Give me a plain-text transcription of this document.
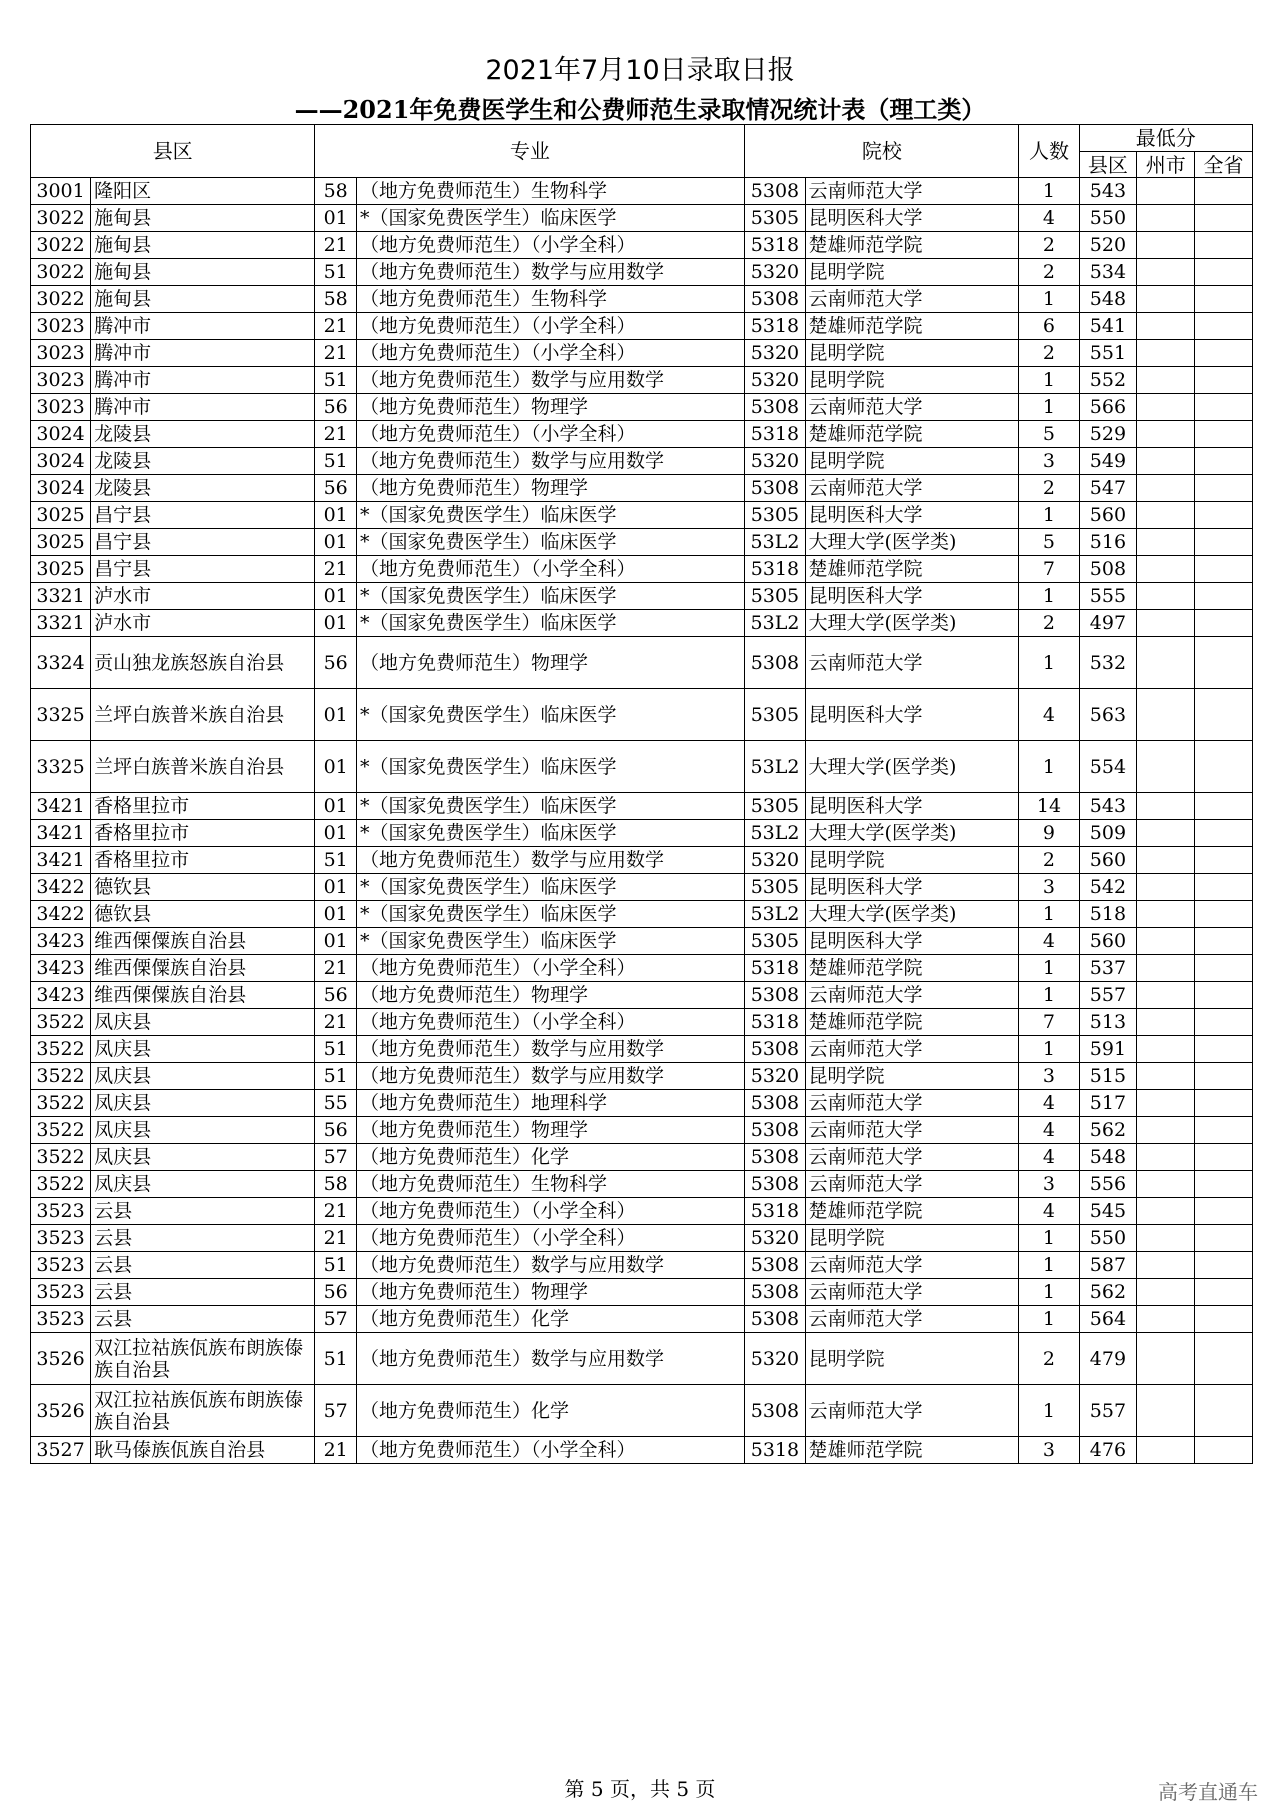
2021年7月10日录取日报
——2021年免费医学生和公费师范生录取情况统计表（理工类）
县区		专业		院校		人数	最低分		
							县区	州市	全省
3001	隆阳区	58	（地方免费师范生）生物科学	5308	云南师范大学	1	543		
3022	施甸县	01	*（国家免费医学生）临床医学	5305	昆明医科大学	4	550		
3022	施甸县	21	（地方免费师范生）（小学全科）	5318	楚雄师范学院	2	520		
3022	施甸县	51	（地方免费师范生）数学与应用数学	5320	昆明学院	2	534		
3022	施甸县	58	（地方免费师范生）生物科学	5308	云南师范大学	1	548		
3023	腾冲市	21	（地方免费师范生）（小学全科）	5318	楚雄师范学院	6	541		
3023	腾冲市	21	（地方免费师范生）（小学全科）	5320	昆明学院	2	551		
3023	腾冲市	51	（地方免费师范生）数学与应用数学	5320	昆明学院	1	552		
3023	腾冲市	56	（地方免费师范生）物理学	5308	云南师范大学	1	566		
3024	龙陵县	21	（地方免费师范生）（小学全科）	5318	楚雄师范学院	5	529		
3024	龙陵县	51	（地方免费师范生）数学与应用数学	5320	昆明学院	3	549		
3024	龙陵县	56	（地方免费师范生）物理学	5308	云南师范大学	2	547		
3025	昌宁县	01	*（国家免费医学生）临床医学	5305	昆明医科大学	1	560		
3025	昌宁县	01	*（国家免费医学生）临床医学	53L2	大理大学(医学类)	5	516		
3025	昌宁县	21	（地方免费师范生）（小学全科）	5318	楚雄师范学院	7	508		
3321	泸水市	01	*（国家免费医学生）临床医学	5305	昆明医科大学	1	555		
3321	泸水市	01	*（国家免费医学生）临床医学	53L2	大理大学(医学类)	2	497		
3324	贡山独龙族怒族自治县	56	（地方免费师范生）物理学	5308	云南师范大学	1	532		
3325	兰坪白族普米族自治县	01	*（国家免费医学生）临床医学	5305	昆明医科大学	4	563		
3325	兰坪白族普米族自治县	01	*（国家免费医学生）临床医学	53L2	大理大学(医学类)	1	554		
3421	香格里拉市	01	*（国家免费医学生）临床医学	5305	昆明医科大学	14	543		
3421	香格里拉市	01	*（国家免费医学生）临床医学	53L2	大理大学(医学类)	9	509		
3421	香格里拉市	51	（地方免费师范生）数学与应用数学	5320	昆明学院	2	560		
3422	德钦县	01	*（国家免费医学生）临床医学	5305	昆明医科大学	3	542		
3422	德钦县	01	*（国家免费医学生）临床医学	53L2	大理大学(医学类)	1	518		
3423	维西傈僳族自治县	01	*（国家免费医学生）临床医学	5305	昆明医科大学	4	560		
3423	维西傈僳族自治县	21	（地方免费师范生）（小学全科）	5318	楚雄师范学院	1	537		
3423	维西傈僳族自治县	56	（地方免费师范生）物理学	5308	云南师范大学	1	557		
3522	凤庆县	21	（地方免费师范生）（小学全科）	5318	楚雄师范学院	7	513		
3522	凤庆县	51	（地方免费师范生）数学与应用数学	5308	云南师范大学	1	591		
3522	凤庆县	51	（地方免费师范生）数学与应用数学	5320	昆明学院	3	515		
3522	凤庆县	55	（地方免费师范生）地理科学	5308	云南师范大学	4	517		
3522	凤庆县	56	（地方免费师范生）物理学	5308	云南师范大学	4	562		
3522	凤庆县	57	（地方免费师范生）化学	5308	云南师范大学	4	548		
3522	凤庆县	58	（地方免费师范生）生物科学	5308	云南师范大学	3	556		
3523	云县	21	（地方免费师范生）（小学全科）	5318	楚雄师范学院	4	545		
3523	云县	21	（地方免费师范生）（小学全科）	5320	昆明学院	1	550		
3523	云县	51	（地方免费师范生）数学与应用数学	5308	云南师范大学	1	587		
3523	云县	56	（地方免费师范生）物理学	5308	云南师范大学	1	562		
3523	云县	57	（地方免费师范生）化学	5308	云南师范大学	1	564		
3526	双江拉祜族佤族布朗族傣族自治县	51	（地方免费师范生）数学与应用数学	5320	昆明学院	2	479		
3526	双江拉祜族佤族布朗族傣族自治县	57	（地方免费师范生）化学	5308	云南师范大学	1	557		
3527	耿马傣族佤族自治县	21	（地方免费师范生）（小学全科）	5318	楚雄师范学院	3	476		
第 5 页，共 5 页	高考直通车
